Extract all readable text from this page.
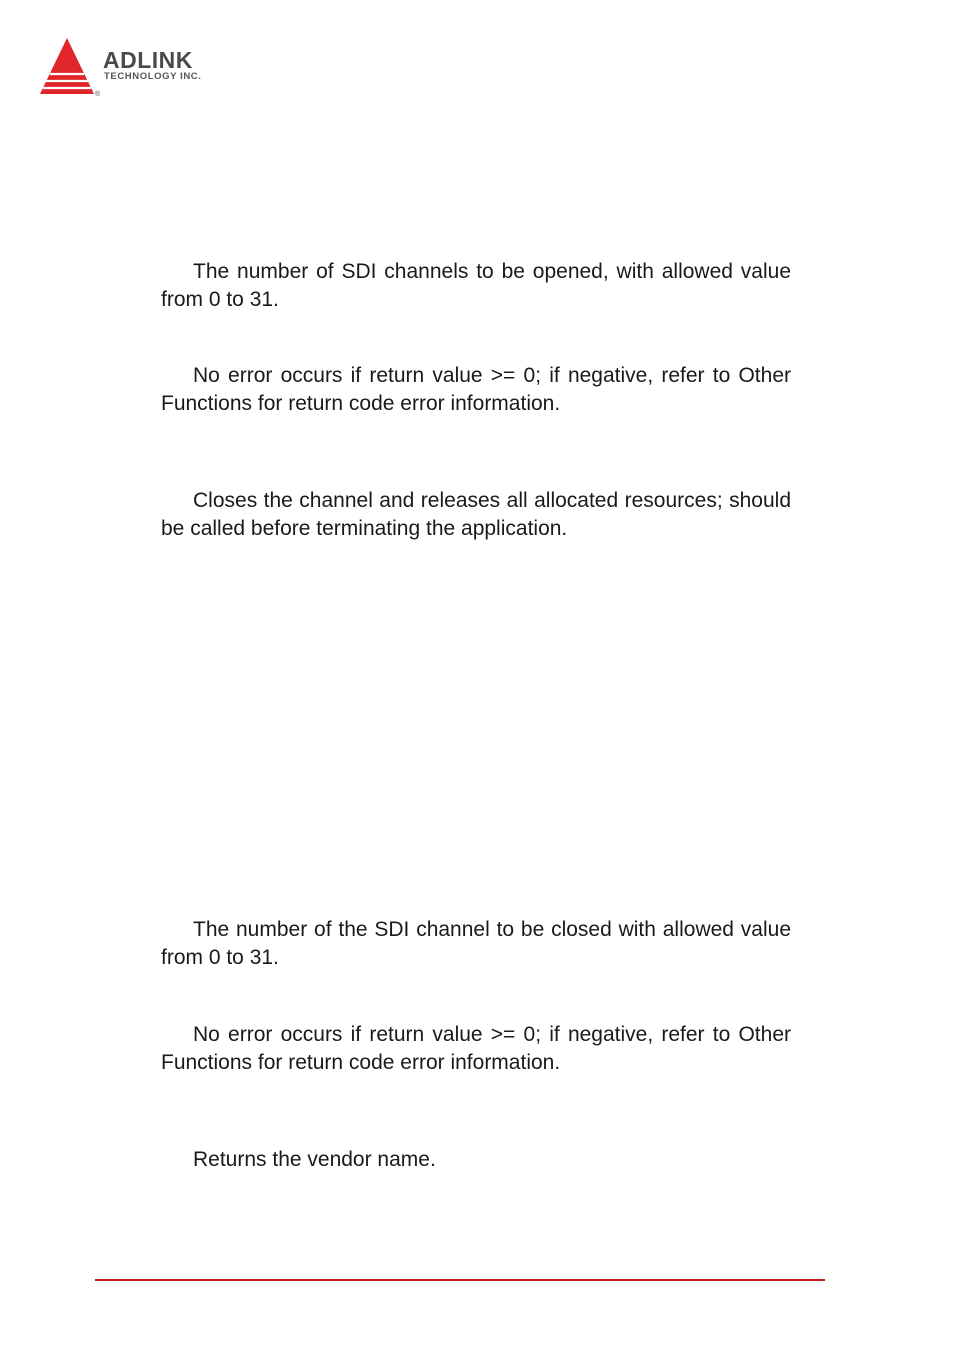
®
ADLINK
TECHNOLOGY INC.

The number of SDI channels to be opened, with allowed value from 0 to 31.

No error occurs if return value >= 0; if negative, refer to Other Functions for return code error information.

Closes the channel and releases all allocated resources; should be called before terminating the application.

The number of the SDI channel to be closed with allowed value from 0 to 31.

No error occurs if return value >= 0; if negative, refer to Other Functions for return code error information.

Returns the vendor name.
